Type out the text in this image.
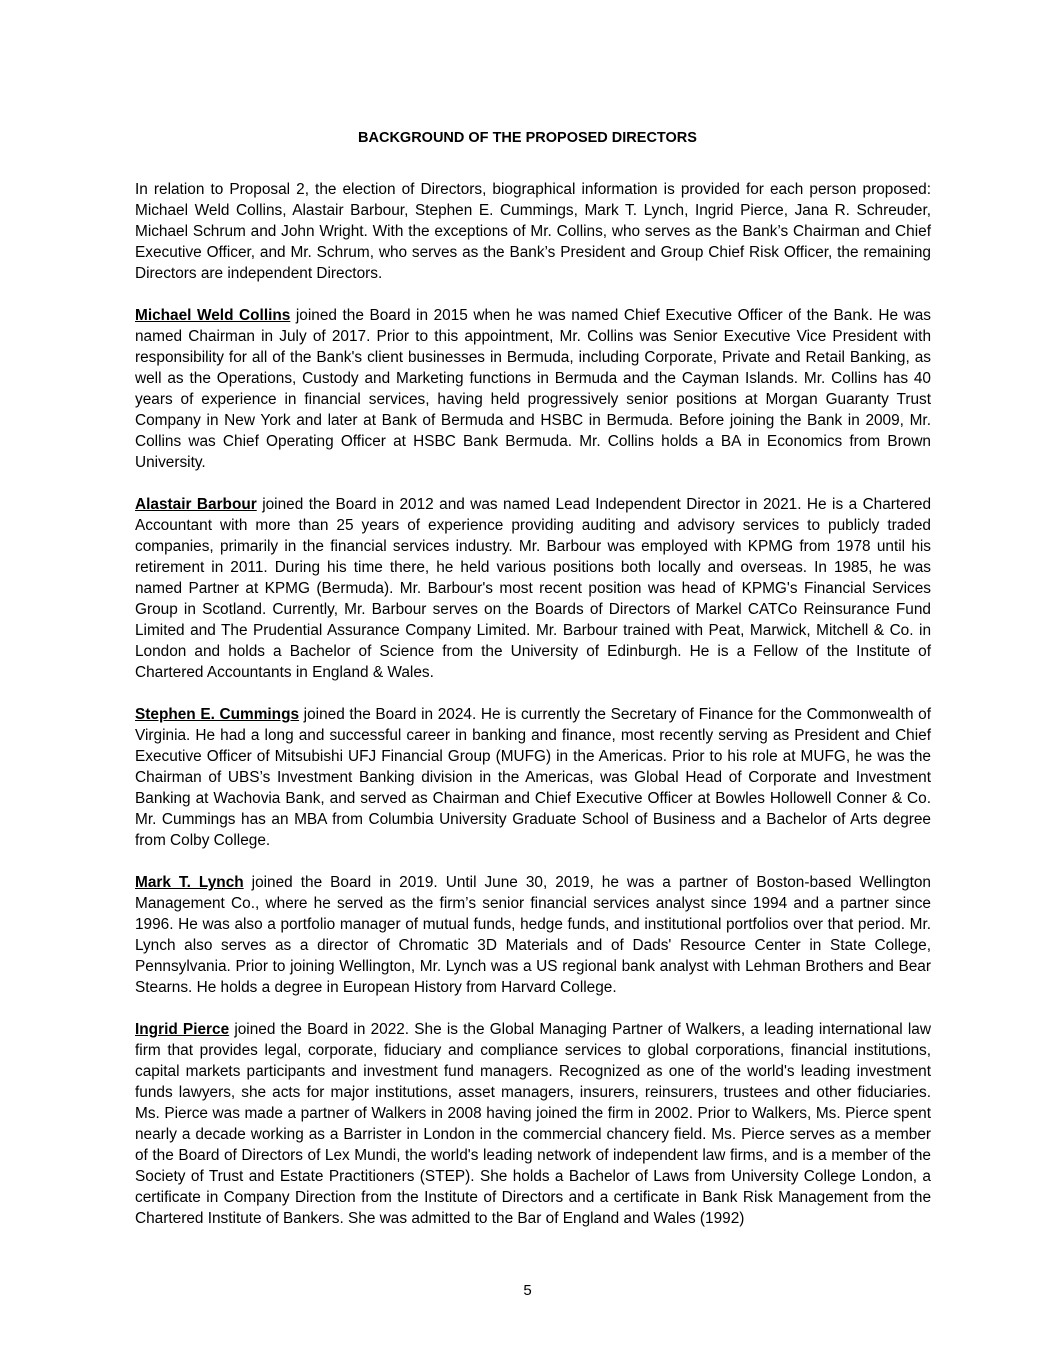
BACKGROUND OF THE PROPOSED DIRECTORS

In relation to Proposal 2, the election of Directors, biographical information is provided for each person proposed: Michael Weld Collins, Alastair Barbour, Stephen E. Cummings, Mark T. Lynch, Ingrid Pierce, Jana R. Schreuder, Michael Schrum and John Wright. With the exceptions of Mr. Collins, who serves as the Bank’s Chairman and Chief Executive Officer, and Mr. Schrum, who serves as the Bank’s President and Group Chief Risk Officer, the remaining Directors are independent Directors.

Michael Weld Collins joined the Board in 2015 when he was named Chief Executive Officer of the Bank. He was named Chairman in July of 2017. Prior to this appointment, Mr. Collins was Senior Executive Vice President with responsibility for all of the Bank's client businesses in Bermuda, including Corporate, Private and Retail Banking, as well as the Operations, Custody and Marketing functions in Bermuda and the Cayman Islands. Mr. Collins has 40 years of experience in financial services, having held progressively senior positions at Morgan Guaranty Trust Company in New York and later at Bank of Bermuda and HSBC in Bermuda. Before joining the Bank in 2009, Mr. Collins was Chief Operating Officer at HSBC Bank Bermuda. Mr. Collins holds a BA in Economics from Brown University.

Alastair Barbour joined the Board in 2012 and was named Lead Independent Director in 2021. He is a Chartered Accountant with more than 25 years of experience providing auditing and advisory services to publicly traded companies, primarily in the financial services industry. Mr. Barbour was employed with KPMG from 1978 until his retirement in 2011. During his time there, he held various positions both locally and overseas. In 1985, he was named Partner at KPMG (Bermuda). Mr. Barbour's most recent position was head of KPMG's Financial Services Group in Scotland. Currently, Mr. Barbour serves on the Boards of Directors of Markel CATCo Reinsurance Fund Limited and The Prudential Assurance Company Limited. Mr. Barbour trained with Peat, Marwick, Mitchell & Co. in London and holds a Bachelor of Science from the University of Edinburgh. He is a Fellow of the Institute of Chartered Accountants in England & Wales.

Stephen E. Cummings joined the Board in 2024. He is currently the Secretary of Finance for the Commonwealth of Virginia. He had a long and successful career in banking and finance, most recently serving as President and Chief Executive Officer of Mitsubishi UFJ Financial Group (MUFG) in the Americas. Prior to his role at MUFG, he was the Chairman of UBS’s Investment Banking division in the Americas, was Global Head of Corporate and Investment Banking at Wachovia Bank, and served as Chairman and Chief Executive Officer at Bowles Hollowell Conner & Co. Mr. Cummings has an MBA from Columbia University Graduate School of Business and a Bachelor of Arts degree from Colby College.

Mark T. Lynch joined the Board in 2019. Until June 30, 2019, he was a partner of Boston-based Wellington Management Co., where he served as the firm’s senior financial services analyst since 1994 and a partner since 1996. He was also a portfolio manager of mutual funds, hedge funds, and institutional portfolios over that period. Mr. Lynch also serves as a director of Chromatic 3D Materials and of Dads' Resource Center in State College, Pennsylvania. Prior to joining Wellington, Mr. Lynch was a US regional bank analyst with Lehman Brothers and Bear Stearns. He holds a degree in European History from Harvard College.

Ingrid Pierce joined the Board in 2022. She is the Global Managing Partner of Walkers, a leading international law firm that provides legal, corporate, fiduciary and compliance services to global corporations, financial institutions, capital markets participants and investment fund managers. Recognized as one of the world's leading investment funds lawyers, she acts for major institutions, asset managers, insurers, reinsurers, trustees and other fiduciaries. Ms. Pierce was made a partner of Walkers in 2008 having joined the firm in 2002. Prior to Walkers, Ms. Pierce spent nearly a decade working as a Barrister in London in the commercial chancery field. Ms. Pierce serves as a member of the Board of Directors of Lex Mundi, the world's leading network of independent law firms, and is a member of the Society of Trust and Estate Practitioners (STEP). She holds a Bachelor of Laws from University College London, a certificate in Company Direction from the Institute of Directors and a certificate in Bank Risk Management from the Chartered Institute of Bankers. She was admitted to the Bar of England and Wales (1992)

5
